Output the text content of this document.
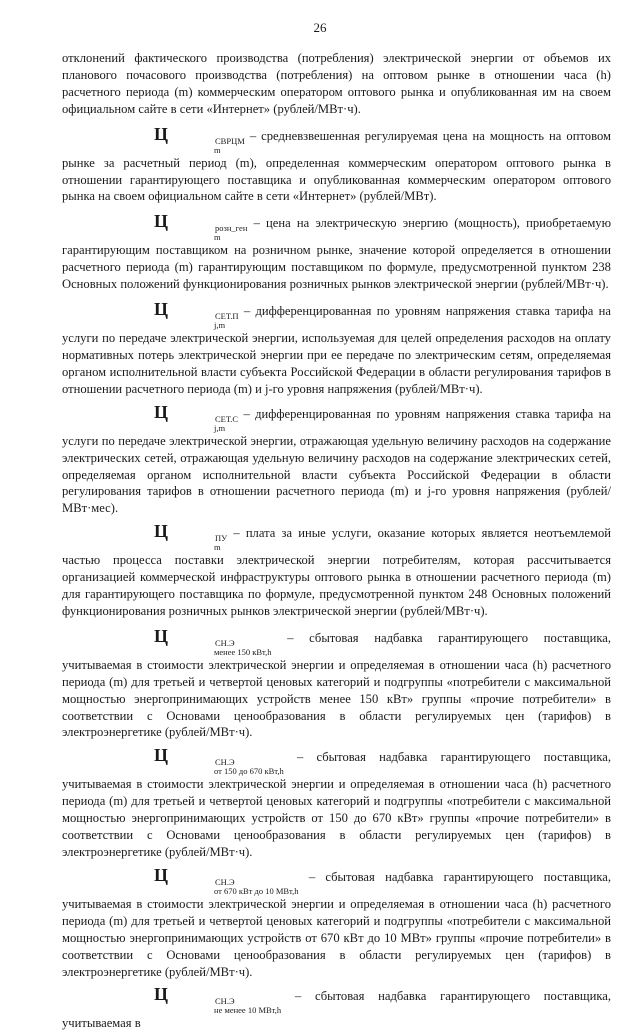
26

отклонений фактического производства (потребления) электрической энергии от объемов их планового почасового производства (потребления) на оптовом рынке в отношении часа (h) расчетного периода (m) коммерческим оператором оптового рынка и опубликованная им на своем официальном сайте в сети «Интернет» (рублей/МВт·ч).

Ц	СВРЦМ
m
– средневзвешенная регулируемая цена на мощность на оптовом рынке за расчетный период (m), определенная коммерческим оператором оптового рынка в отношении гарантирующего поставщика и опубликованная коммерческим оператором оптового рынка на своем официальном сайте в сети «Интернет» (рублей/МВт).

Ц	розн_ген
m
– цена на электрическую энергию (мощность), приобретаемую гарантирующим поставщиком на розничном рынке, значение которой определяется в отношении расчетного периода (m) гарантирующим поставщиком по формуле, предусмотренной пунктом 238 Основных положений функционирования розничных рынков электрической энергии (рублей/МВт·ч).

Ц	СЕТ.П
j,m
– дифференцированная по уровням напряжения ставка тарифа на услуги по передаче электрической энергии, используемая для целей определения расходов на оплату нормативных потерь электрической энергии при ее передаче по электрическим сетям, определяемая органом исполнительной власти субъекта Российской Федерации в области регулирования тарифов в отношении расчетного периода (m) и j-го уровня напряжения (рублей/МВт·ч).

Ц	СЕТ.С
j,m
– дифференцированная по уровням напряжения ставка тарифа на услуги по передаче электрической энергии, отражающая удельную величину расходов на содержание электрических сетей, отражающая удельную величину расходов на содержание электрических сетей, определяемая органом исполнительной власти субъекта Российской Федерации в области регулирования тарифов в отношении расчетного периода (m) и j-го уровня напряжения (рублей/МВт·мес).

Ц	ПУ
m
– плата за иные услуги, оказание которых является неотъемлемой частью процесса поставки электрической энергии потребителям, которая рассчитывается организацией коммерческой инфраструктуры оптового рынка в отношении расчетного периода (m) для гарантирующего поставщика по формуле, предусмотренной пунктом 248 Основных положений функционирования розничных рынков электрической энергии (рублей/МВт·ч).

Ц	СН.Э
менее 150 кВт,h
– сбытовая надбавка гарантирующего поставщика, учитываемая в стоимости электрической энергии и определяемая в отношении часа (h) расчетного периода (m) для третьей и четвертой ценовых категорий и подгруппы «потребители с максимальной мощностью энергопринимающих устройств менее 150 кВт» группы «прочие потребители» в соответствии с Основами ценообразования в области регулируемых цен (тарифов) в электроэнергетике (рублей/МВт·ч).

Ц	СН.Э
от 150 до 670 кВт,h
– сбытовая надбавка гарантирующего поставщика, учитываемая в стоимости электрической энергии и определяемая в отношении часа (h) расчетного периода (m) для третьей и четвертой ценовых категорий и подгруппы «потребители с максимальной мощностью энергопринимающих устройств от 150 до 670 кВт» группы «прочие потребители» в соответствии с Основами ценообразования в области регулируемых цен (тарифов) в электроэнергетике (рублей/МВт·ч).

Ц	СН.Э
от 670 кВт до 10 МВт,h
– сбытовая надбавка гарантирующего поставщика, учитываемая в стоимости электрической энергии и определяемая в отношении часа (h) расчетного периода (m) для третьей и четвертой ценовых категорий и подгруппы «потребители с максимальной мощностью энергопринимающих устройств от 670 кВт до 10 МВт» группы «прочие потребители» в соответствии с Основами ценообразования в области регулируемых цен (тарифов) в электроэнергетике (рублей/МВт·ч).

Ц	СН.Э
не менее 10 МВт,h
– сбытовая надбавка гарантирующего поставщика, учитываемая в
